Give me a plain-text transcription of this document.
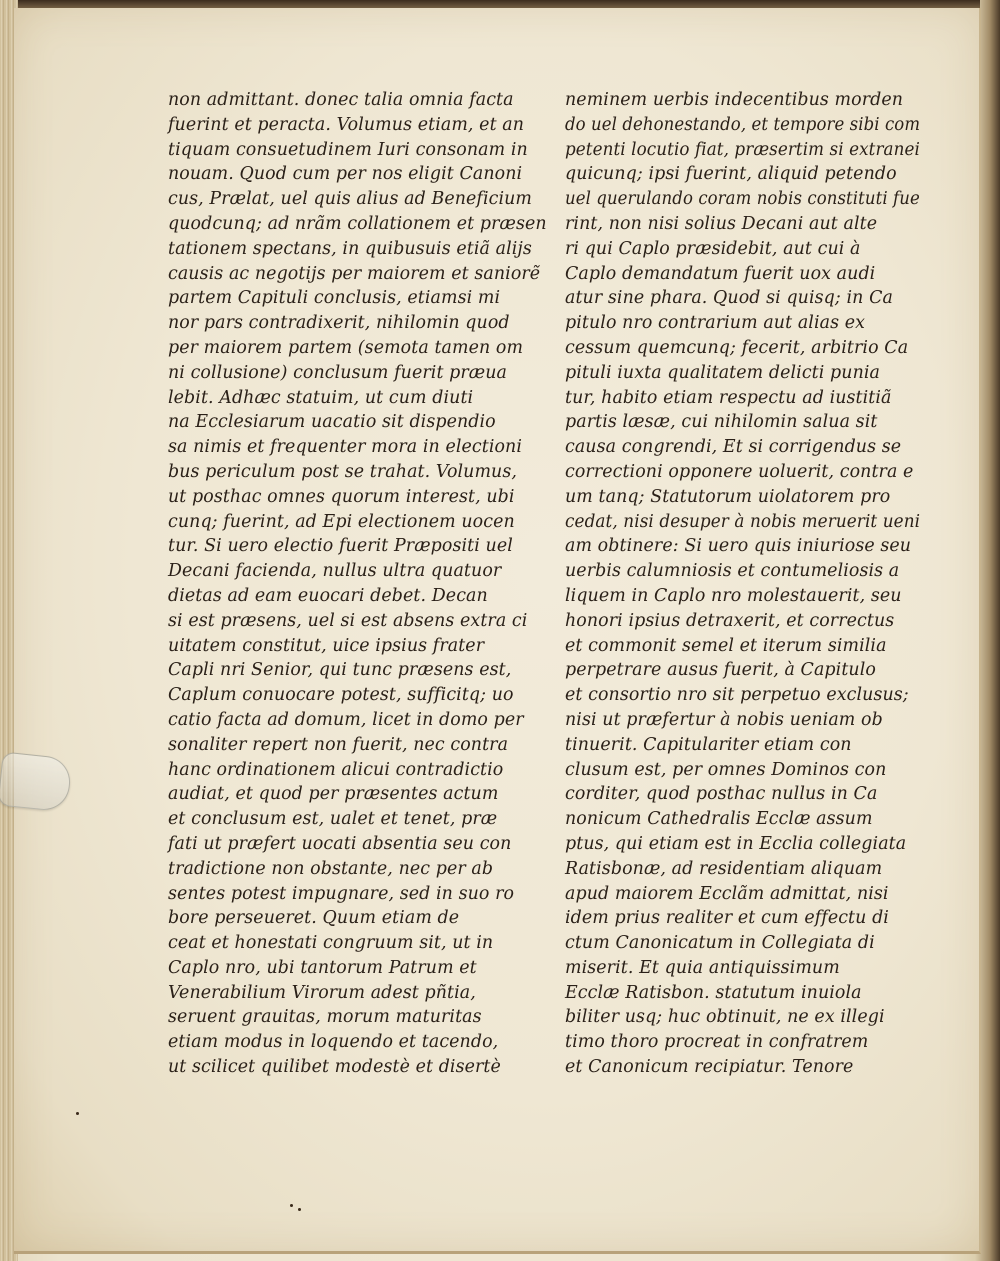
non admittant. donec talia omnia facta
fuerint et peracta. Volumus etiam, et an
tiquam consuetudinem Iuri consonam in
nouam. Quod cum per nos eligit Canoni
cus, Prælat, uel quis alius ad Beneficium
quodcunq; ad nrãm collationem et præsen
tationem spectans, in quibusuis etiã alijs
causis ac negotijs per maiorem et saniorẽ
partem Capituli conclusis, etiamsi mi
nor pars contradixerit, nihilomin quod
per maiorem partem (semota tamen om
ni collusione) conclusum fuerit præua
lebit. Adhæc statuim, ut cum diuti
na Ecclesiarum uacatio sit dispendio
sa nimis et frequenter mora in electioni
bus periculum post se trahat. Volumus,
ut posthac omnes quorum interest, ubi
cunq; fuerint, ad Epi electionem uocen
tur. Si uero electio fuerit Præpositi uel
Decani facienda, nullus ultra quatuor
dietas ad eam euocari debet. Decan
si est præsens, uel si est absens extra ci
uitatem constitut, uice ipsius frater
Capli nri Senior, qui tunc præsens est,
Caplum conuocare potest, sufficitq; uo
catio facta ad domum, licet in domo per
sonaliter repert non fuerit, nec contra
hanc ordinationem alicui contradictio
audiat, et quod per præsentes actum
et conclusum est, ualet et tenet, præ
fati ut præfert uocati absentia seu con
tradictione non obstante, nec per ab
sentes potest impugnare, sed in suo ro
bore perseueret. Quum etiam de
ceat et honestati congruum sit, ut in
Caplo nro, ubi tantorum Patrum et
Venerabilium Virorum adest pñtia,
seruent grauitas, morum maturitas
etiam modus in loquendo et tacendo,
ut scilicet quilibet modestè et disertè
neminem uerbis indecentibus morden
do uel dehonestando, et tempore sibi com
petenti locutio fiat, præsertim si extranei
quicunq; ipsi fuerint, aliquid petendo
uel querulando coram nobis constituti fue
rint, non nisi solius Decani aut alte
ri qui Caplo præsidebit, aut cui à
Caplo demandatum fuerit uox audi
atur sine phara. Quod si quisq; in Ca
pitulo nro contrarium aut alias ex
cessum quemcunq; fecerit, arbitrio Ca
pituli iuxta qualitatem delicti punia
tur, habito etiam respectu ad iustitiã
partis læsæ, cui nihilomin salua sit
causa congrendi, Et si corrigendus se
correctioni opponere uoluerit, contra e
um tanq; Statutorum uiolatorem pro
cedat, nisi desuper à nobis meruerit ueni
am obtinere: Si uero quis iniuriose seu
uerbis calumniosis et contumeliosis a
liquem in Caplo nro molestauerit, seu
honori ipsius detraxerit, et correctus
et commonit semel et iterum similia
perpetrare ausus fuerit, à Capitulo
et consortio nro sit perpetuo exclusus;
nisi ut præfertur à nobis ueniam ob
tinuerit. Capitulariter etiam con
clusum est, per omnes Dominos con
corditer, quod posthac nullus in Ca
nonicum Cathedralis Ecclæ assum
ptus, qui etiam est in Ecclia collegiata
Ratisbonæ, ad residentiam aliquam
apud maiorem Ecclãm admittat, nisi
idem prius realiter et cum effectu di
ctum Canonicatum in Collegiata di
miserit. Et quia antiquissimum
Ecclæ Ratisbon. statutum inuiola
biliter usq; huc obtinuit, ne ex illegi
timo thoro procreat in confratrem
et Canonicum recipiatur. Tenore
